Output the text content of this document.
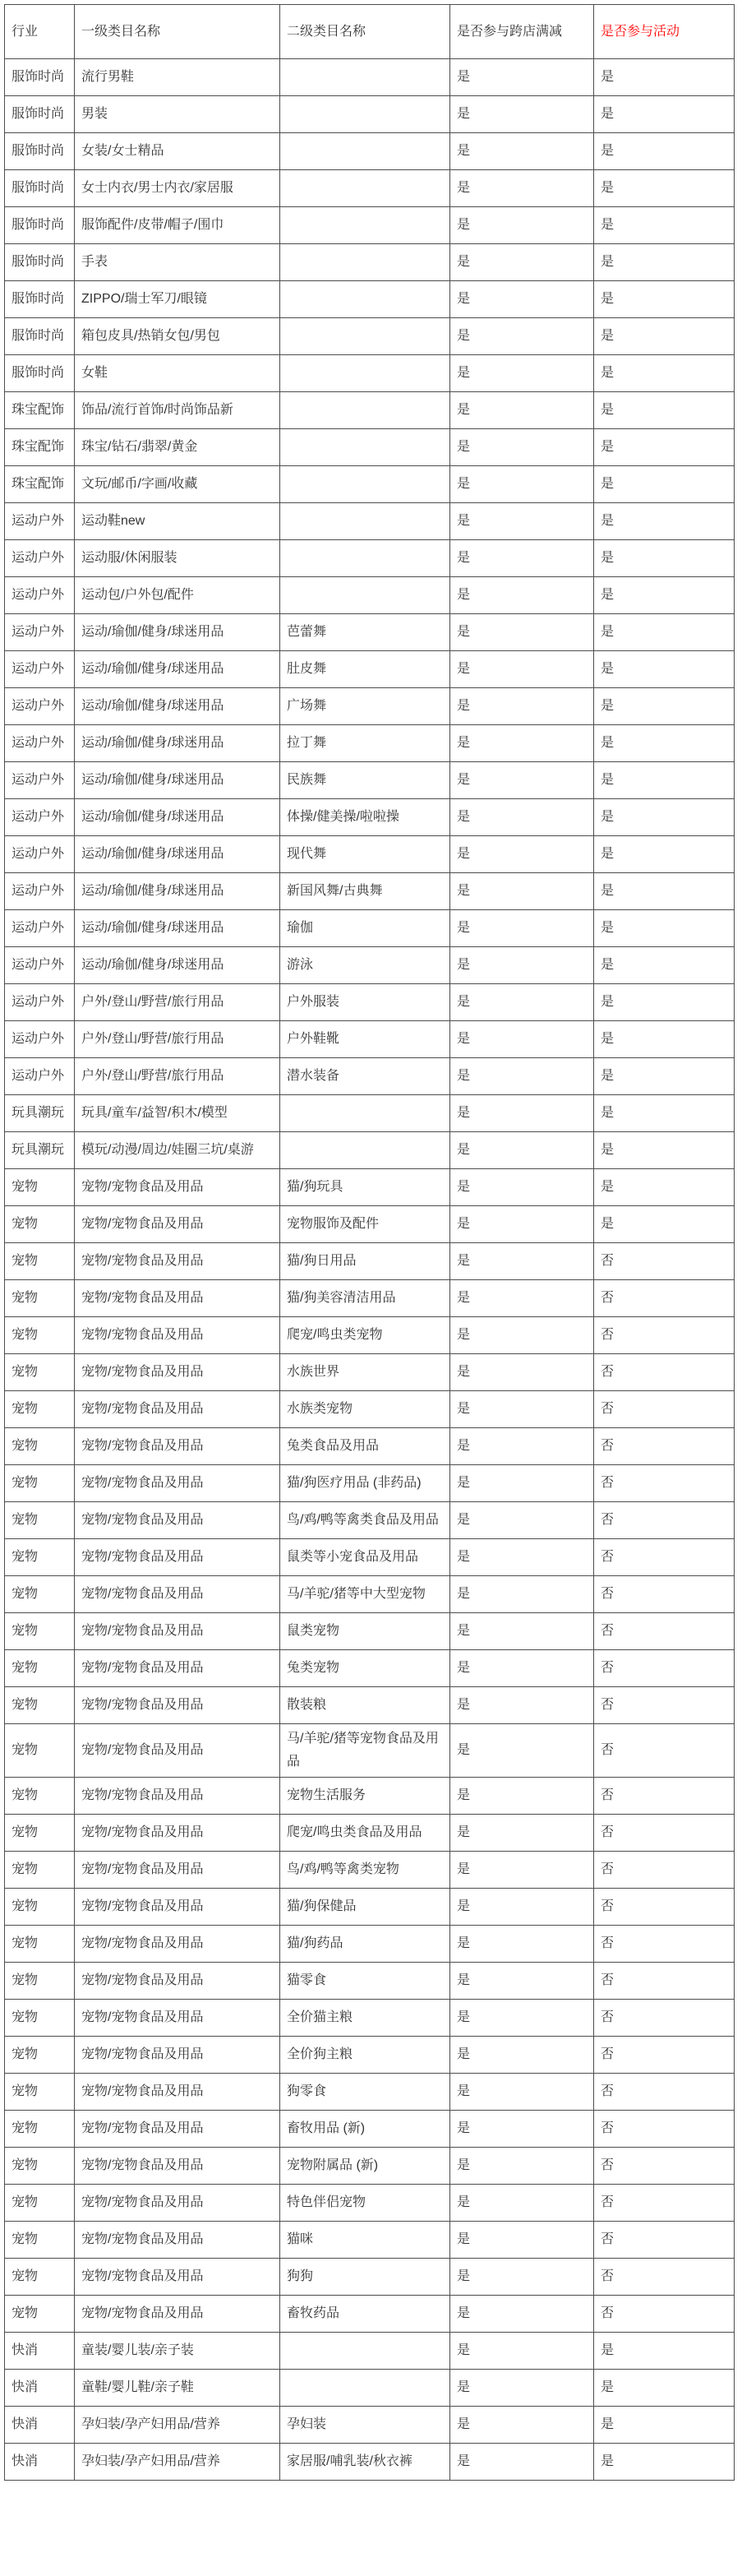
行业	一级类目名称	二级类目名称	是否参与跨店满减	是否参与活动
服饰时尚	流行男鞋		是	是
服饰时尚	男装		是	是
服饰时尚	女装/女士精品		是	是
服饰时尚	女士内衣/男士内衣/家居服		是	是
服饰时尚	服饰配件/皮带/帽子/围巾		是	是
服饰时尚	手表		是	是
服饰时尚	ZIPPO/瑞士军刀/眼镜		是	是
服饰时尚	箱包皮具/热销女包/男包		是	是
服饰时尚	女鞋		是	是
珠宝配饰	饰品/流行首饰/时尚饰品新		是	是
珠宝配饰	珠宝/钻石/翡翠/黄金		是	是
珠宝配饰	文玩/邮币/字画/收藏		是	是
运动户外	运动鞋new		是	是
运动户外	运动服/休闲服装		是	是
运动户外	运动包/户外包/配件		是	是
运动户外	运动/瑜伽/健身/球迷用品	芭蕾舞	是	是
运动户外	运动/瑜伽/健身/球迷用品	肚皮舞	是	是
运动户外	运动/瑜伽/健身/球迷用品	广场舞	是	是
运动户外	运动/瑜伽/健身/球迷用品	拉丁舞	是	是
运动户外	运动/瑜伽/健身/球迷用品	民族舞	是	是
运动户外	运动/瑜伽/健身/球迷用品	体操/健美操/啦啦操	是	是
运动户外	运动/瑜伽/健身/球迷用品	现代舞	是	是
运动户外	运动/瑜伽/健身/球迷用品	新国风舞/古典舞	是	是
运动户外	运动/瑜伽/健身/球迷用品	瑜伽	是	是
运动户外	运动/瑜伽/健身/球迷用品	游泳	是	是
运动户外	户外/登山/野营/旅行用品	户外服装	是	是
运动户外	户外/登山/野营/旅行用品	户外鞋靴	是	是
运动户外	户外/登山/野营/旅行用品	潜水装备	是	是
玩具潮玩	玩具/童车/益智/积木/模型		是	是
玩具潮玩	模玩/动漫/周边/娃圈三坑/桌游		是	是
宠物	宠物/宠物食品及用品	猫/狗玩具	是	是
宠物	宠物/宠物食品及用品	宠物服饰及配件	是	是
宠物	宠物/宠物食品及用品	猫/狗日用品	是	否
宠物	宠物/宠物食品及用品	猫/狗美容清洁用品	是	否
宠物	宠物/宠物食品及用品	爬宠/鸣虫类宠物	是	否
宠物	宠物/宠物食品及用品	水族世界	是	否
宠物	宠物/宠物食品及用品	水族类宠物	是	否
宠物	宠物/宠物食品及用品	兔类食品及用品	是	否
宠物	宠物/宠物食品及用品	猫/狗医疗用品 (非药品)	是	否
宠物	宠物/宠物食品及用品	鸟/鸡/鸭等禽类食品及用品	是	否
宠物	宠物/宠物食品及用品	鼠类等小宠食品及用品	是	否
宠物	宠物/宠物食品及用品	马/羊驼/猪等中大型宠物	是	否
宠物	宠物/宠物食品及用品	鼠类宠物	是	否
宠物	宠物/宠物食品及用品	兔类宠物	是	否
宠物	宠物/宠物食品及用品	散装粮	是	否
宠物	宠物/宠物食品及用品	马/羊驼/猪等宠物食品及用品	是	否
宠物	宠物/宠物食品及用品	宠物生活服务	是	否
宠物	宠物/宠物食品及用品	爬宠/鸣虫类食品及用品	是	否
宠物	宠物/宠物食品及用品	鸟/鸡/鸭等禽类宠物	是	否
宠物	宠物/宠物食品及用品	猫/狗保健品	是	否
宠物	宠物/宠物食品及用品	猫/狗药品	是	否
宠物	宠物/宠物食品及用品	猫零食	是	否
宠物	宠物/宠物食品及用品	全价猫主粮	是	否
宠物	宠物/宠物食品及用品	全价狗主粮	是	否
宠物	宠物/宠物食品及用品	狗零食	是	否
宠物	宠物/宠物食品及用品	畜牧用品 (新)	是	否
宠物	宠物/宠物食品及用品	宠物附属品 (新)	是	否
宠物	宠物/宠物食品及用品	特色伴侣宠物	是	否
宠物	宠物/宠物食品及用品	猫咪	是	否
宠物	宠物/宠物食品及用品	狗狗	是	否
宠物	宠物/宠物食品及用品	畜牧药品	是	否
快消	童装/婴儿装/亲子装		是	是
快消	童鞋/婴儿鞋/亲子鞋		是	是
快消	孕妇装/孕产妇用品/营养	孕妇装	是	是
快消	孕妇装/孕产妇用品/营养	家居服/哺乳装/秋衣裤	是	是
